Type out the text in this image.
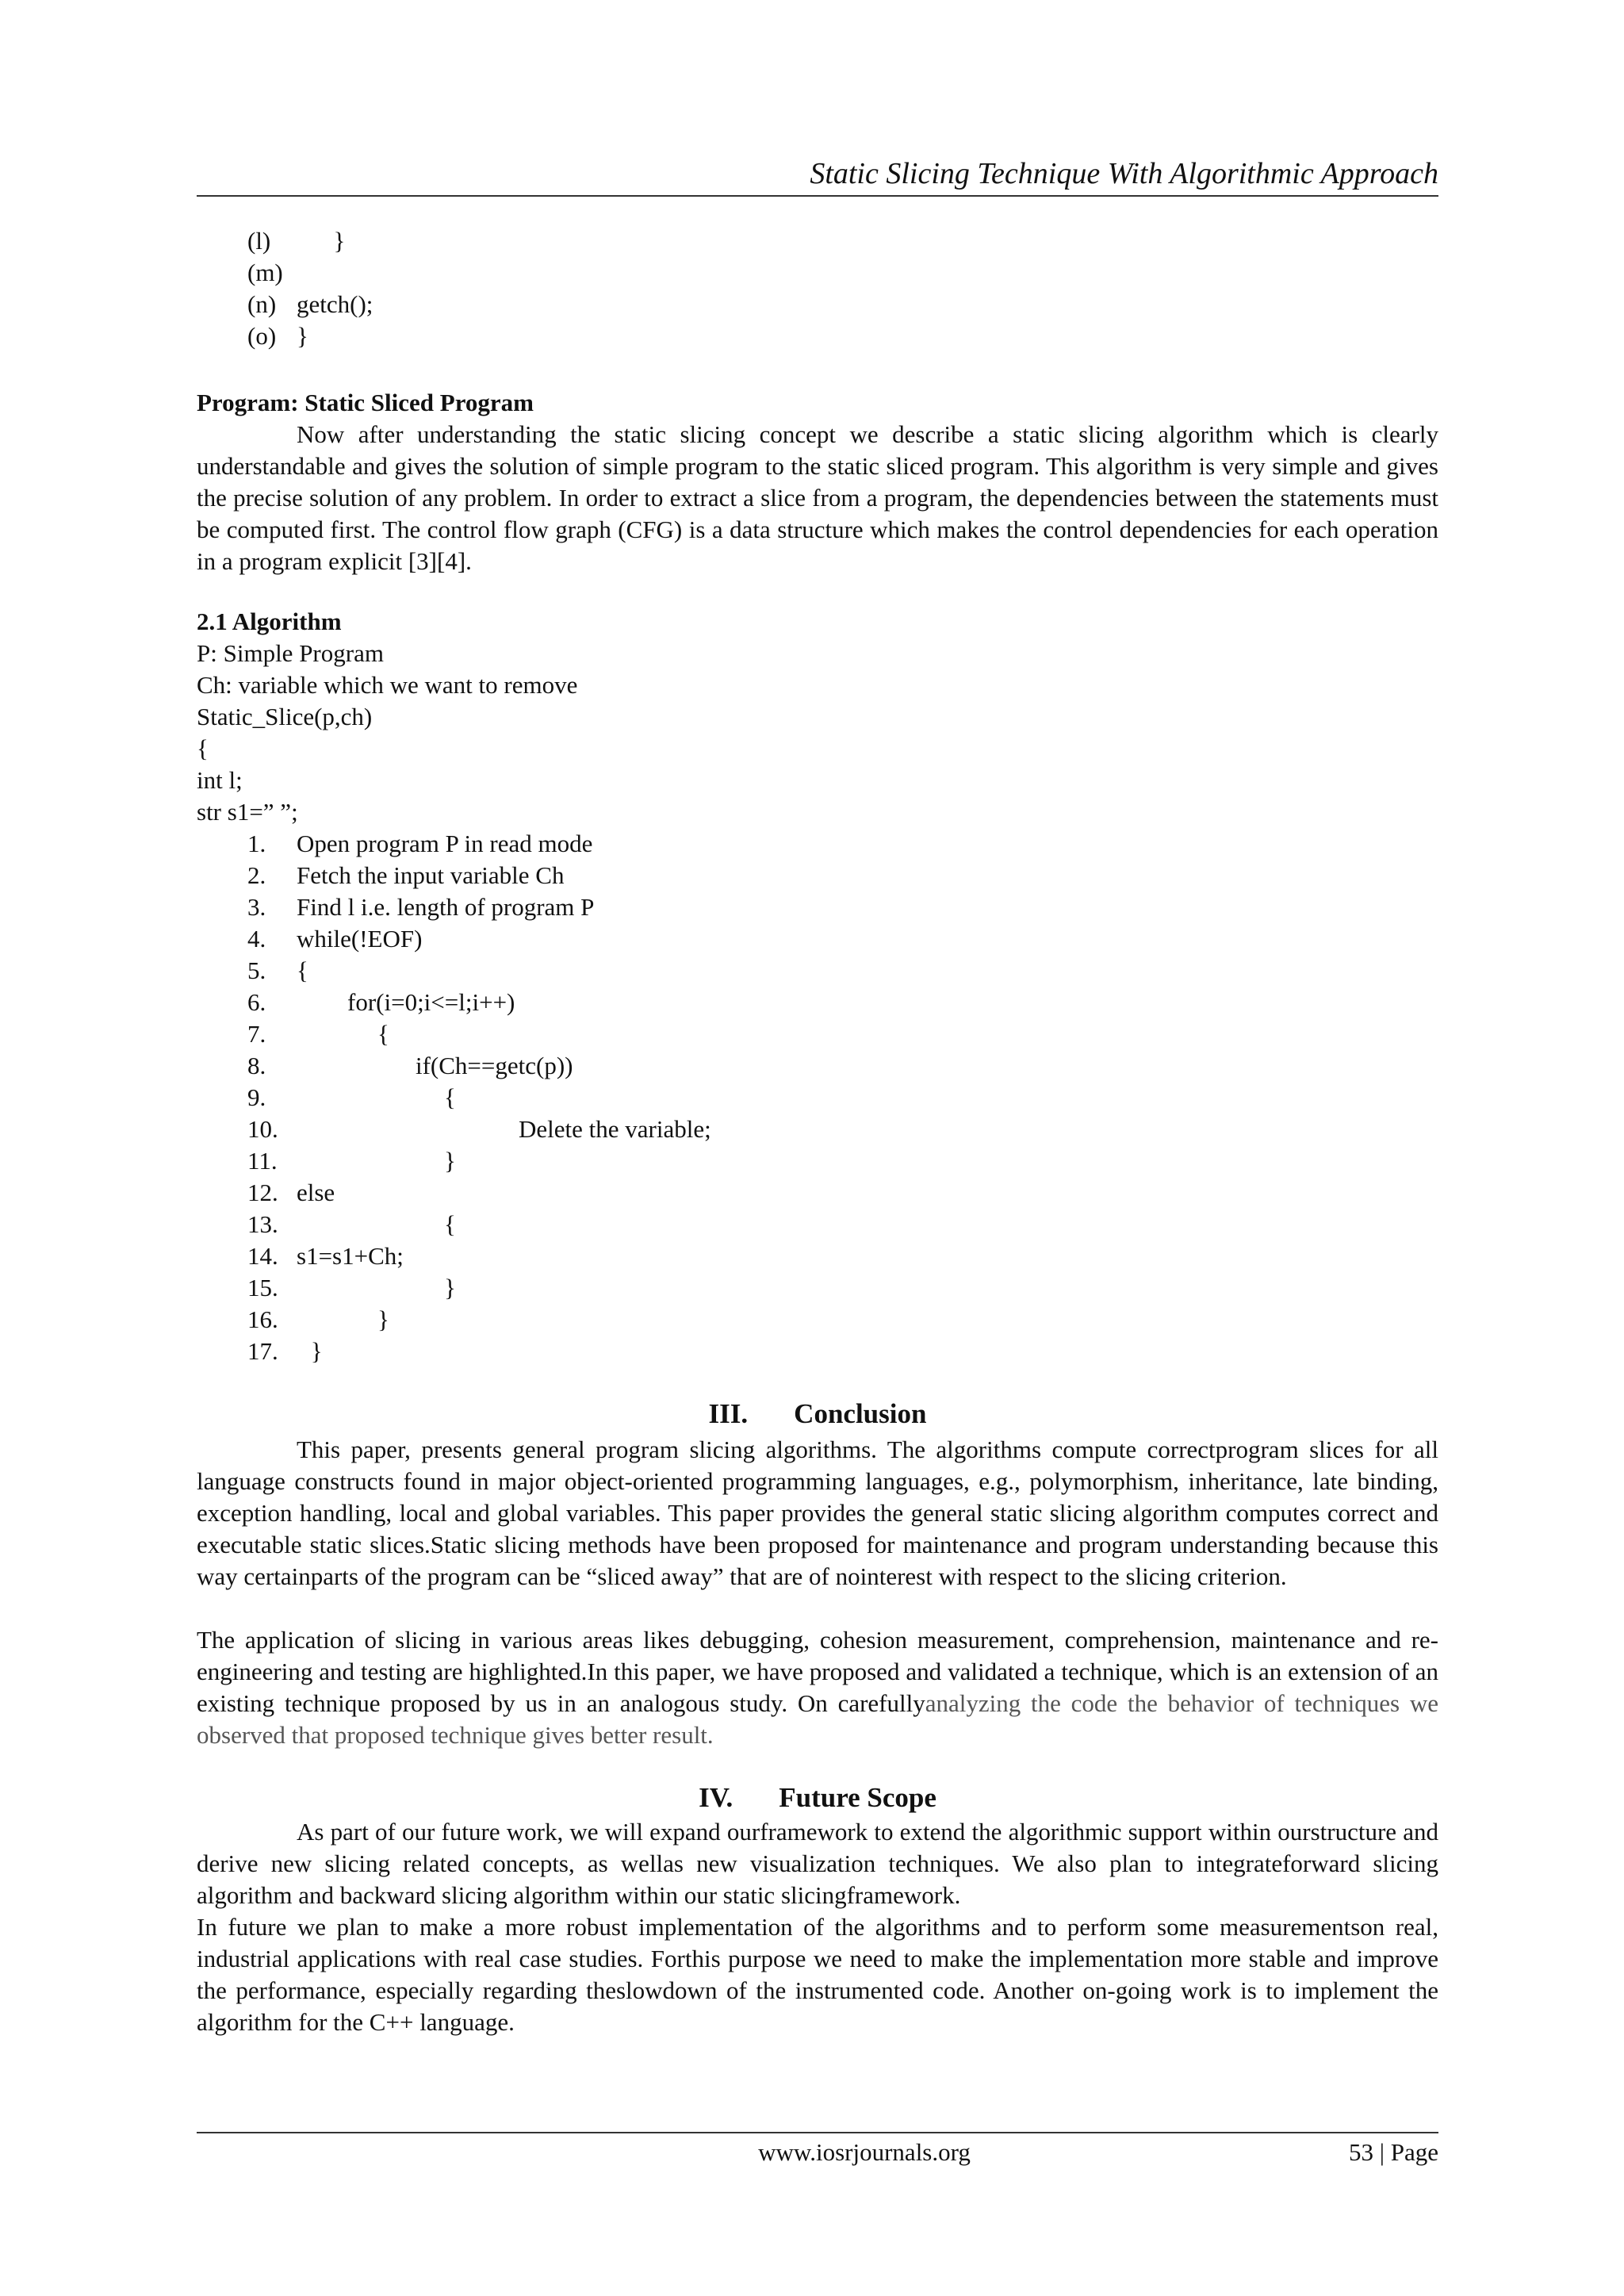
Static Slicing Technique With Algorithmic Approach
(l)      }
(m)
(n) getch();
(o) }
Program: Static Sliced Program
Now after understanding the static slicing concept we describe a static slicing algorithm which is clearly understandable and gives the solution of simple program to the static sliced program. This algorithm is very simple and gives the precise solution of any problem. In order to extract a slice from a program, the dependencies between the statements must be computed first. The control flow graph (CFG) is a data structure which makes the control dependencies for each operation in a program explicit [3][4].
2.1 Algorithm
P: Simple Program
Ch: variable which we want to remove
Static_Slice(p,ch)
{
int l;
str s1=” ”;
1. Open program P in read mode
2. Fetch the input variable Ch
3. Find l i.e. length of program P
4. while(!EOF)
5. {
6.	for(i=0;i<=l;i++)
7.	{
8.	if(Ch==getc(p))
9.	{
10.	Delete the variable;
11.	}
12. else
13.	{
14. s1=s1+Ch;
15.	}
16.	}
17. }
III. Conclusion
This paper, presents general program slicing algorithms. The algorithms compute correctprogram slices for all language constructs found in major object-oriented programming languages, e.g., polymorphism, inheritance, late binding, exception handling, local and global variables. This paper provides the general static slicing algorithm computes correct and executable static slices.Static slicing methods have been proposed for maintenance and program understanding because this way certainparts of the program can be “sliced away” that are of nointerest with respect to the slicing criterion.
The application of slicing in various areas likes debugging, cohesion measurement, comprehension, maintenance and re-engineering and testing are highlighted.In this paper, we have proposed and validated a technique, which is an extension of an existing technique proposed by us in an analogous study. On carefullyanalyzing the code the behavior of techniques we observed that proposed technique gives better result.
IV. Future Scope
As part of our future work, we will expand ourframework to extend the algorithmic support within ourstructure and derive new slicing related concepts, as wellas new visualization techniques. We also plan to integrateforward slicing algorithm and backward slicing algorithm within our static slicingframework.
In future we plan to make a more robust implementation of the algorithms and to perform some measurementson real, industrial applications with real case studies. Forthis purpose we need to make the implementation more stable and improve the performance, especially regarding theslowdown of the instrumented code. Another on-going work is to implement the algorithm for the C++ language.
www.iosrjournals.org	53 | Page
